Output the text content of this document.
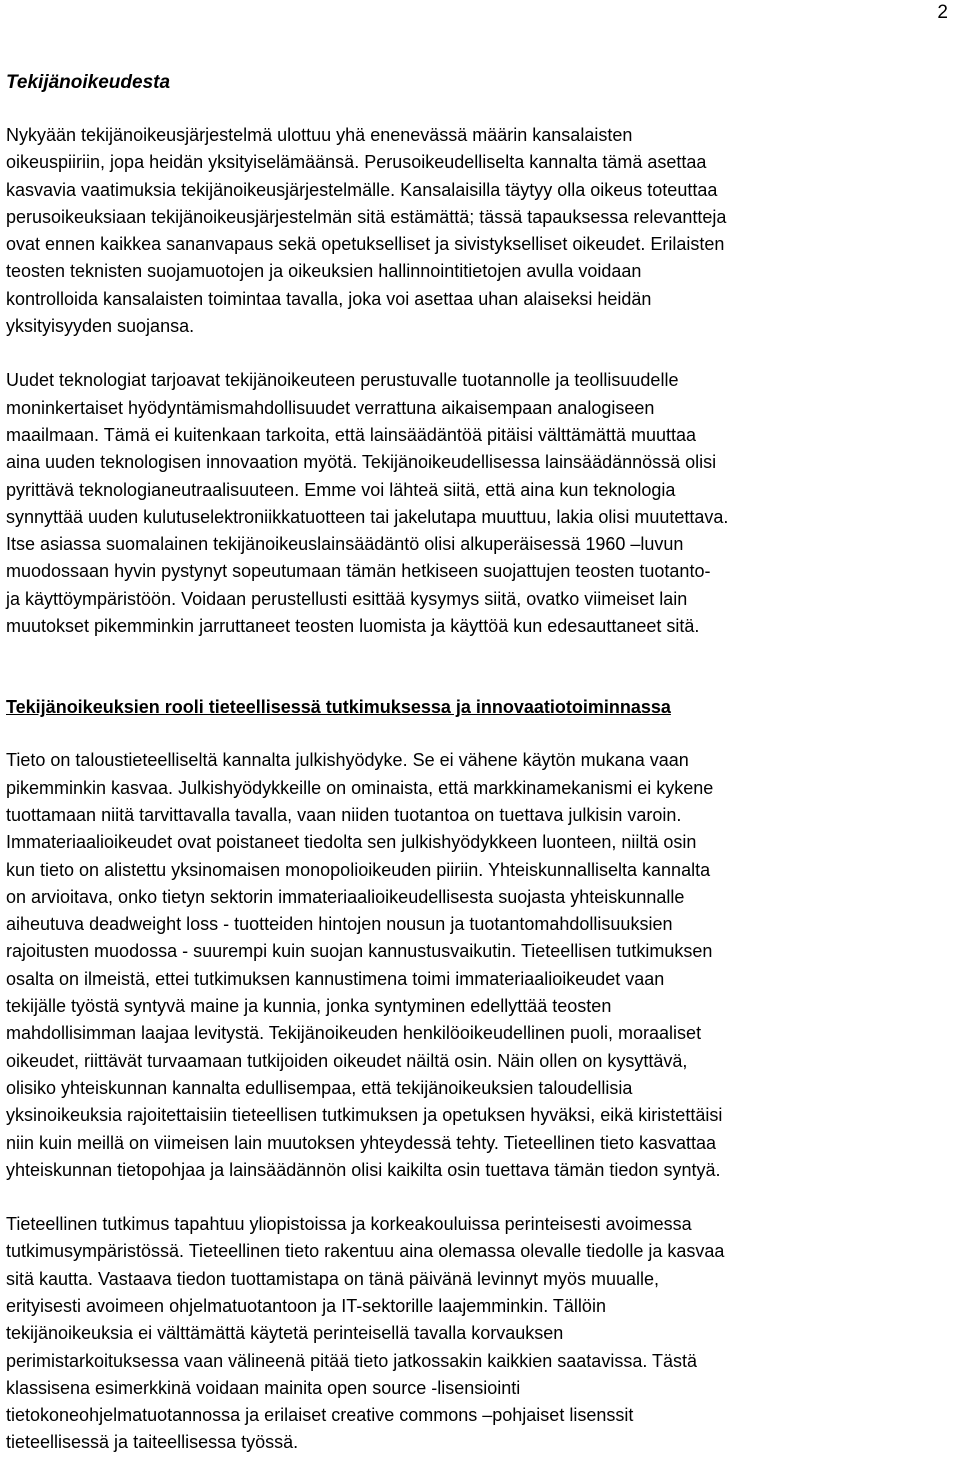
2
Tekijänoikeudesta
Nykyään tekijänoikeusjärjestelmä ulottuu yhä enenevässä määrin kansalaisten
oikeuspiiriin, jopa heidän yksityiselämäänsä. Perusoikeudelliselta kannalta tämä asettaa
kasvavia vaatimuksia tekijänoikeusjärjestelmälle. Kansalaisilla täytyy olla oikeus toteuttaa
perusoikeuksiaan tekijänoikeusjärjestelmän sitä estämättä; tässä tapauksessa relevantteja
ovat ennen kaikkea sananvapaus sekä opetukselliset ja sivistykselliset oikeudet. Erilaisten
teosten teknisten suojamuotojen ja oikeuksien hallinnointitietojen avulla voidaan
kontrolloida kansalaisten toimintaa tavalla, joka voi asettaa uhan alaiseksi heidän
yksityisyyden suojansa.
Uudet teknologiat tarjoavat tekijänoikeuteen perustuvalle tuotannolle ja teollisuudelle
moninkertaiset hyödyntämismahdollisuudet verrattuna aikaisempaan analogiseen
maailmaan. Tämä ei kuitenkaan tarkoita, että lainsäädäntöä pitäisi välttämättä muuttaa
aina uuden teknologisen innovaation myötä. Tekijänoikeudellisessa lainsäädännössä olisi
pyrittävä teknologianeutraalisuuteen. Emme voi lähteä siitä, että aina kun teknologia
synnyttää uuden kulutuselektroniikkatuotteen tai jakelutapa muuttuu, lakia olisi muutettava.
Itse asiassa suomalainen tekijänoikeuslainsäädäntö olisi alkuperäisessä 1960 –luvun
muodossaan hyvin pystynyt sopeutumaan tämän hetkiseen suojattujen teosten tuotanto-
ja käyttöympäristöön. Voidaan perustellusti esittää kysymys siitä, ovatko viimeiset lain
muutokset pikemminkin jarruttaneet teosten luomista ja käyttöä kun edesauttaneet sitä.
Tekijänoikeuksien rooli tieteellisessä tutkimuksessa ja innovaatiotoiminnassa
Tieto on taloustieteelliseltä kannalta julkishyödyke. Se ei vähene käytön mukana vaan
pikemminkin kasvaa. Julkishyödykkeille on ominaista, että markkinamekanismi ei kykene
tuottamaan niitä tarvittavalla tavalla, vaan niiden tuotantoa on tuettava julkisin varoin.
Immateriaalioikeudet ovat poistaneet tiedolta sen julkishyödykkeen luonteen, niiltä osin
kun tieto on alistettu yksinomaisen monopolioikeuden piiriin. Yhteiskunnalliselta kannalta
on arvioitava, onko tietyn sektorin immateriaalioikeudellisesta suojasta yhteiskunnalle
aiheutuva deadweight loss - tuotteiden hintojen nousun ja tuotantomahdollisuuksien
rajoitusten muodossa - suurempi kuin suojan kannustusvaikutin. Tieteellisen tutkimuksen
osalta on ilmeistä, ettei tutkimuksen kannustimena toimi immateriaalioikeudet vaan
tekijälle työstä syntyvä maine ja kunnia, jonka syntyminen edellyttää teosten
mahdollisimman laajaa levitystä. Tekijänoikeuden henkilöoikeudellinen puoli, moraaliset
oikeudet, riittävät turvaamaan tutkijoiden oikeudet näiltä osin. Näin ollen on kysyttävä,
olisiko yhteiskunnan kannalta edullisempaa, että tekijänoikeuksien taloudellisia
yksinoikeuksia rajoitettaisiin tieteellisen tutkimuksen ja opetuksen hyväksi, eikä kiristettäisi
niin kuin meillä on viimeisen lain muutoksen yhteydessä tehty. Tieteellinen tieto kasvattaa
yhteiskunnan tietopohjaa ja lainsäädännön olisi kaikilta osin tuettava tämän tiedon syntyä.
Tieteellinen tutkimus tapahtuu yliopistoissa ja korkeakouluissa perinteisesti avoimessa
tutkimusympäristössä. Tieteellinen tieto rakentuu aina olemassa olevalle tiedolle ja kasvaa
sitä kautta. Vastaava tiedon tuottamistapa on tänä päivänä levinnyt myös muualle,
erityisesti avoimeen ohjelmatuotantoon ja IT-sektorille laajemminkin. Tällöin
tekijänoikeuksia ei välttämättä käytetä perinteisellä tavalla korvauksen
perimistarkoituksessa vaan välineenä pitää tieto jatkossakin kaikkien saatavissa. Tästä
klassisena esimerkkinä voidaan mainita open source -lisensiointi
tietokoneohjelmatuotannossa ja erilaiset creative commons –pohjaiset lisenssit
tieteellisessä ja taiteellisessa työssä.
